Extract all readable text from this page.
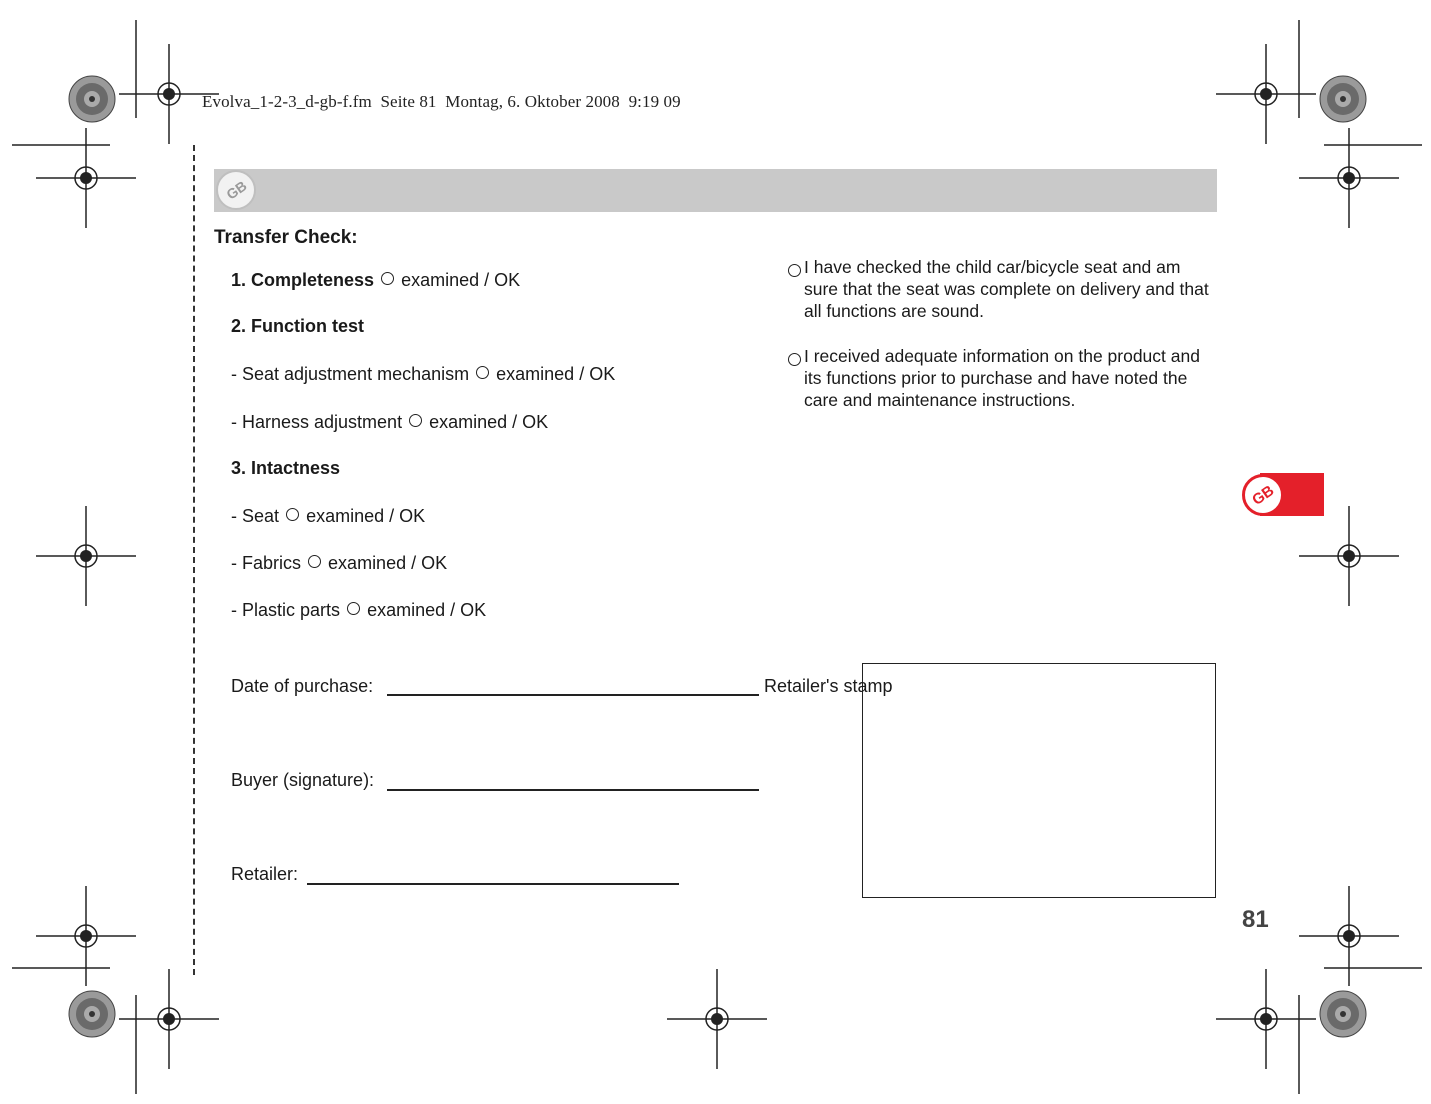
Evolva_1-2-3_d-gb-f.fm  Seite 81  Montag, 6. Oktober 2008  9:19 09
GB
Transfer Check:
1. Completeness examined / OK
2. Function test
- Seat adjustment mechanism examined / OK
- Harness adjustment examined / OK
3. Intactness
- Seat examined / OK
- Fabrics examined / OK
- Plastic parts examined / OK
I have checked the child car/bicycle seat and am sure that the seat was complete on delivery and that all functions are sound.
I received adequate information on the product and its functions prior to purchase and have noted the care and maintenance instructions.
Date of purchase:
Buyer (signature):
Retailer:
Retailer's stamp
81
GB
